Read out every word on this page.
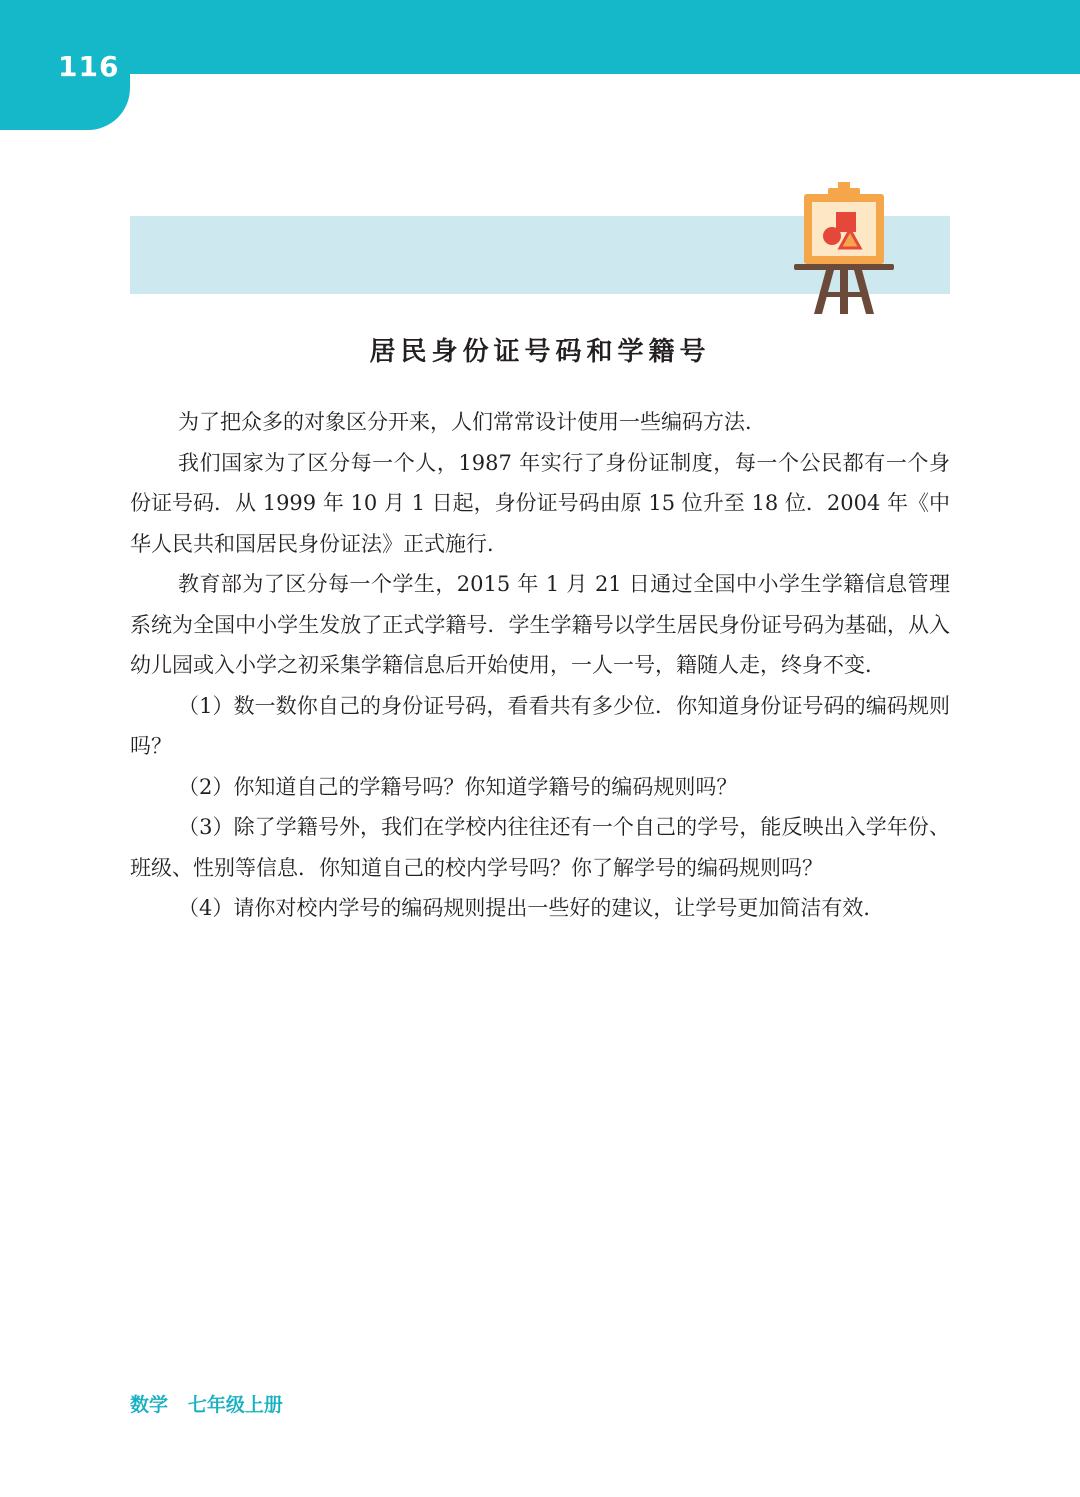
116
居民身份证号码和学籍号

为了把众多的对象区分开来，人们常常设计使用一些编码方法．

我们国家为了区分每一个人，1987 年实行了身份证制度，每一个公民都有一个身份证号码．从 1999 年 10 月 1 日起，身份证号码由原 15 位升至 18 位．2004 年《中华人民共和国居民身份证法》正式施行．

教育部为了区分每一个学生，2015 年 1 月 21 日通过全国中小学生学籍信息管理系统为全国中小学生发放了正式学籍号．学生学籍号以学生居民身份证号码为基础，从入幼儿园或入小学之初采集学籍信息后开始使用，一人一号，籍随人走，终身不变．

（1）数一数你自己的身份证号码，看看共有多少位．你知道身份证号码的编码规则吗？

（2）你知道自己的学籍号吗？你知道学籍号的编码规则吗？

（3）除了学籍号外，我们在学校内往往还有一个自己的学号，能反映出入学年份、班级、性别等信息．你知道自己的校内学号吗？你了解学号的编码规则吗？

（4）请你对校内学号的编码规则提出一些好的建议，让学号更加简洁有效．

数学   七年级上册
